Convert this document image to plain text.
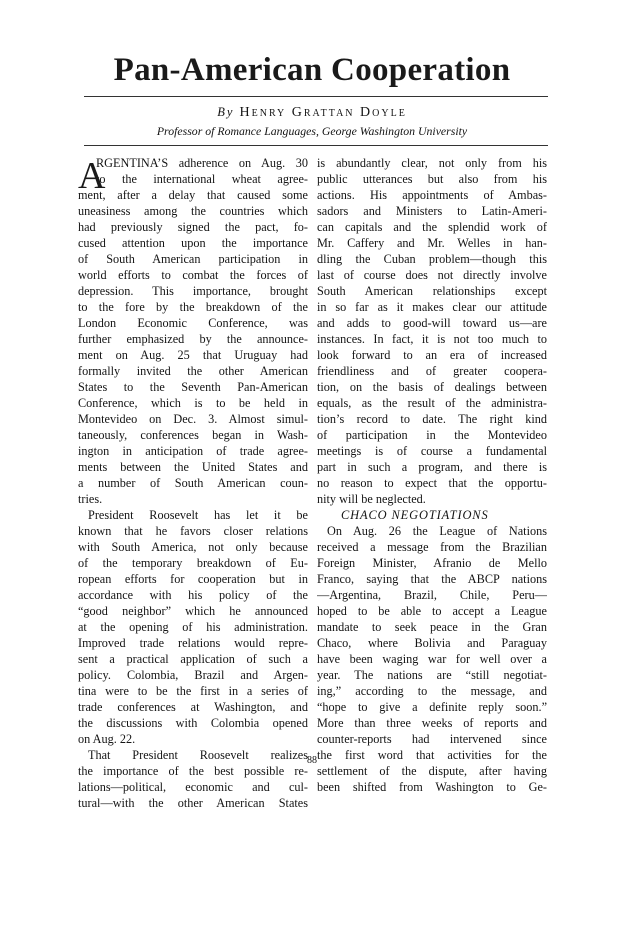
Pan-American Cooperation

By Henry Grattan Doyle

Professor of Romance Languages, George Washington University

A
RGENTINA’S adherence on Aug. 30
to the international wheat agree-
ment, after a delay that caused some
uneasiness among the countries which
had previously signed the pact, fo-
cused attention upon the importance
of South American participation in
world efforts to combat the forces of
depression. This importance, brought
to the fore by the breakdown of the
London Economic Conference, was
further emphasized by the announce-
ment on Aug. 25 that Uruguay had
formally invited the other American
States to the Seventh Pan-American
Conference, which is to be held in
Montevideo on Dec. 3. Almost simul-
taneously, conferences began in Wash-
ington in anticipation of trade agree-
ments between the United States and
a number of South American coun-
tries.
President Roosevelt has let it be
known that he favors closer relations
with South America, not only because
of the temporary breakdown of Eu-
ropean efforts for cooperation but in
accordance with his policy of the
“good neighbor” which he announced
at the opening of his administration.
Improved trade relations would repre-
sent a practical application of such a
policy. Colombia, Brazil and Argen-
tina were to be the first in a series of
trade conferences at Washington, and
the discussions with Colombia opened
on Aug. 22.
That President Roosevelt realizes
the importance of the best possible re-
lations—political, economic and cul-
tural—with the other American States
is abundantly clear, not only from his
public utterances but also from his
actions. His appointments of Ambas-
sadors and Ministers to Latin-Ameri-
can capitals and the splendid work of
Mr. Caffery and Mr. Welles in han-
dling the Cuban problem—though this
last of course does not directly involve
South American relationships except
in so far as it makes clear our attitude
and adds to good-will toward us—are
instances. In fact, it is not too much to
look forward to an era of increased
friendliness and of greater coopera-
tion, on the basis of dealings between
equals, as the result of the administra-
tion’s record to date. The right kind
of participation in the Montevideo
meetings is of course a fundamental
part in such a program, and there is
no reason to expect that the opportu-
nity will be neglected.
CHACO NEGOTIATIONS
On Aug. 26 the League of Nations
received a message from the Brazilian
Foreign Minister, Afranio de Mello
Franco, saying that the ABCP nations
—Argentina, Brazil, Chile, Peru—
hoped to be able to accept a League
mandate to seek peace in the Gran
Chaco, where Bolivia and Paraguay
have been waging war for well over a
year. The nations are “still negotiat-
ing,” according to the message, and
“hope to give a definite reply soon.”
More than three weeks of reports and
counter-reports had intervened since
the first word that activities for the
settlement of the dispute, after having
been shifted from Washington to Ge-

88
